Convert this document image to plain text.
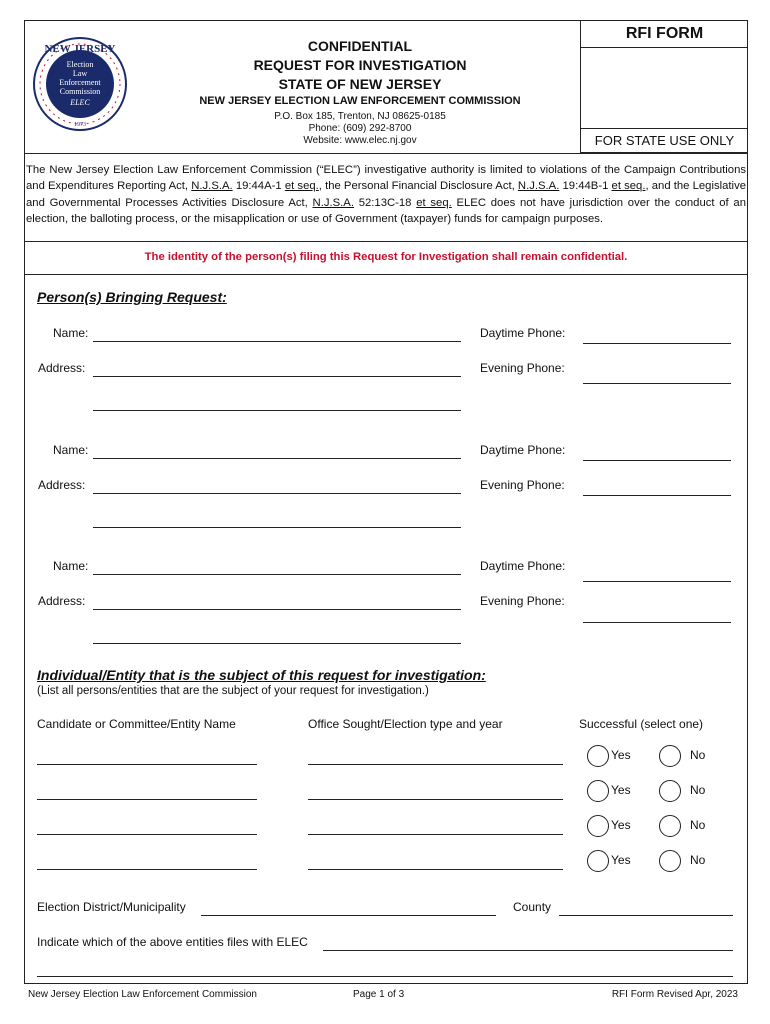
NEW JERSEY
Election
Law
Enforcement
Commission
ELEC
1973
CONFIDENTIAL
REQUEST FOR INVESTIGATION
STATE OF NEW JERSEY
NEW JERSEY ELECTION LAW ENFORCEMENT COMMISSION
P.O. Box 185, Trenton, NJ 08625-0185
Phone: (609) 292-8700
Website: www.elec.nj.gov
RFI FORM
FOR STATE USE ONLY
The New Jersey Election Law Enforcement Commission (“ELEC”) investigative authority is limited to violations of the Campaign Contributions and Expenditures Reporting Act, N.J.S.A. 19:44A-1 et seq., the Personal Financial Disclosure Act, N.J.S.A. 19:44B-1 et seq., and the Legislative and Governmental Processes Activities Disclosure Act, N.J.S.A. 52:13C-18 et seq. ELEC does not have jurisdiction over the conduct of an election, the balloting process, or the misapplication or use of Government (taxpayer) funds for campaign purposes.
The identity of the person(s) filing this Request for Investigation shall remain confidential.
Person(s) Bringing Request:
Name:	Daytime Phone:
Address:	Evening Phone:
Name:	Daytime Phone:
Address:	Evening Phone:
Name:	Daytime Phone:
Address:	Evening Phone:
Individual/Entity that is the subject of this request for investigation:
(List all persons/entities that are the subject of your request for investigation.)
Candidate or Committee/Entity Name	Office Sought/Election type and year	Successful (select one)
Yes	No
Yes	No
Yes	No
Yes	No
Election District/Municipality	County
Indicate which of the above entities files with ELEC
New Jersey Election Law Enforcement Commission	Page 1 of 3	RFI Form Revised Apr, 2023
